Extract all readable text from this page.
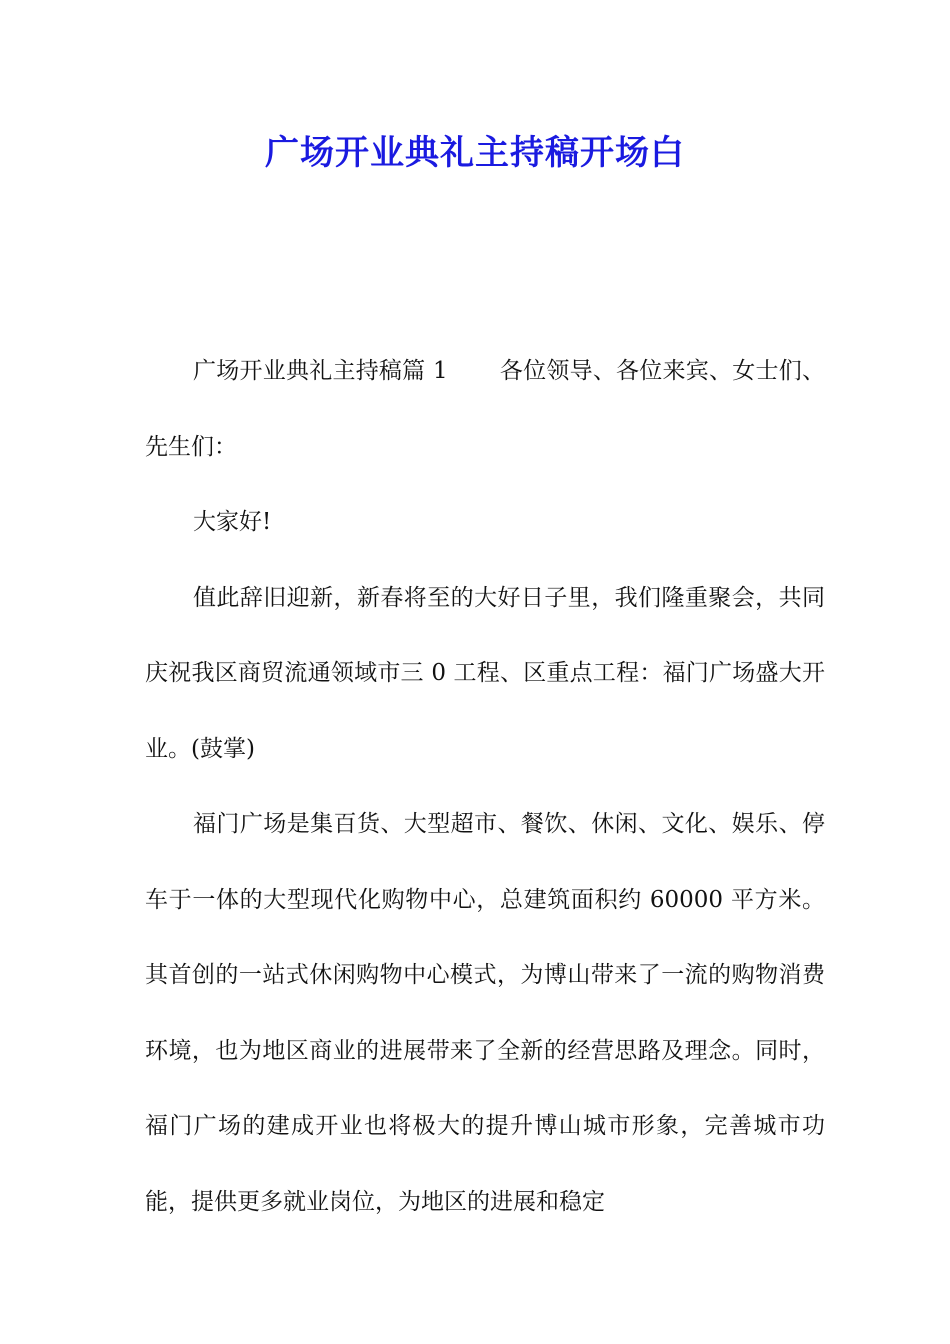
广场开业典礼主持稿开场白

广场开业典礼主持稿篇 1 各位领导、各位来宾、女士们、先生们：

大家好!

值此辞旧迎新，新春将至的大好日子里，我们隆重聚会，共同庆祝我区商贸流通领域市三 0 工程、区重点工程：福门广场盛大开业。(鼓掌)

福门广场是集百货、大型超市、餐饮、休闲、文化、娱乐、停车于一体的大型现代化购物中心，总建筑面积约 60000 平方米。其首创的一站式休闲购物中心模式，为博山带来了一流的购物消费环境，也为地区商业的进展带来了全新的经营思路及理念。同时，福门广场的建成开业也将极大的提升博山城市形象，完善城市功能，提供更多就业岗位，为地区的进展和稳定
